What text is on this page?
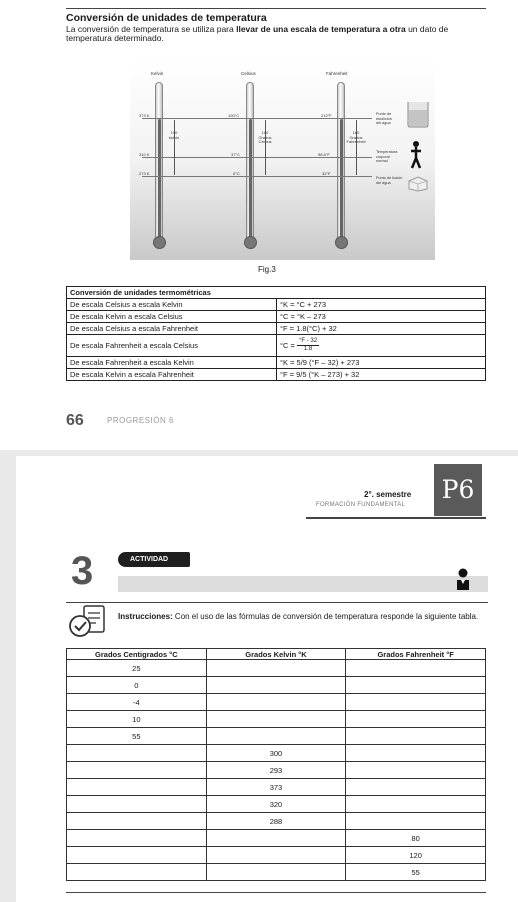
Conversión de unidades de temperatura
La conversión de temperatura se utiliza para llevar de una escala de temperatura a otra un dato de temperatura determinado.
Kelvin	Celsius	Fahrenheit
373 K
310 K
273 K
100°C
37°C
0°C
212°F
98.6°F
32°F
100
kelvin
100
Grados
Celsius
180
Grados
Fahrenheit
Punto de
ebullición
del agua
Temperatura
corporal
normal
Punto de fusión
del agua
Fig.3
Conversión de unidades termométricas	
De escala Celsius a escala Kelvin	°K = °C + 273
De escala Kelvin a escala Celsius	°C = °K – 273
De escala Celsius a escala Fahrenheit	°F = 1.8(°C) + 32
De escala Fahrenheit a escala Celsius	$^\circ C = \frac{^\circ F - 32}{1.8}$

De escala Fahrenheit a escala Kelvin	°K = 5/9 (°F – 32) + 273
De escala Kelvin a escala Fahrenheit	°F = 9/5 (°K – 273) + 32
66	PROGRESIÓN 6
2°. semestre
FORMACIÓN FUNDAMENTAL
P6
3	ACTIVIDAD
Instrucciones: Con el uso de las fórmulas de conversión de temperatura responde la siguiente tabla.
Grados Centigrados °C	Grados Kelvin °K	Grados Fahrenheit °F
25		
0		
-4		
10		
55		
	300	
	293	
	373	
	320	
	288	
		80
		120
		55
